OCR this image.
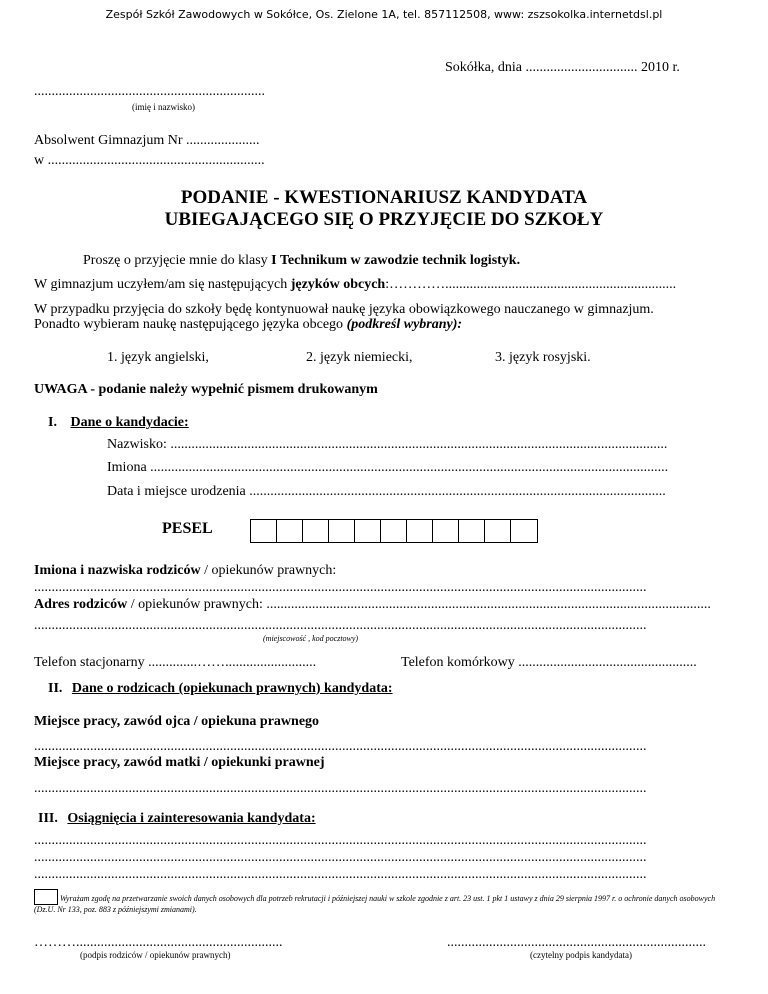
Zespół Szkół Zawodowych w Sokółce, Os. Zielone 1A, tel. 857112508, www: zszsokolka.internetdsl.pl
Sokółka, dnia ................................ 2010 r.
..................................................................
(imię i nazwisko)
Absolwent Gimnazjum Nr .....................
w ..............................................................
PODANIE - KWESTIONARIUSZ KANDYDATA
UBIEGAJĄCEGO SIĘ O PRZYJĘCIE DO SZKOŁY
Proszę o przyjęcie mnie do klasy I Technikum w zawodzie technik logistyk.
W gimnazjum uczyłem/am się następujących języków obcych:…………..................................................................
W przypadku przyjęcia do szkoły będę kontynuował naukę języka obowiązkowego nauczanego w gimnazjum.
Ponadto wybieram naukę następującego języka obcego (podkreśl wybrany):
1. język angielski,	2. język niemiecki,	3. język rosyjski.
UWAGA - podanie należy wypełnić pismem drukowanym
I. Dane o kandydacie:
Nazwisko: ..............................................................................................................................................
Imiona ....................................................................................................................................................
Data i miejsce urodzenia .......................................................................................................................
PESEL
Imiona i nazwiska rodziców / opiekunów prawnych:
...............................................................................................................................................................................
Adres rodziców / opiekunów prawnych: ...............................................................................................................................
...............................................................................................................................................................................
(miejscowość , kod pocztowy)
Telefon stacjonarny ..............……..........................	Telefon komórkowy ...................................................
II. Dane o rodzicach (opiekunach prawnych) kandydata:
Miejsce pracy, zawód ojca / opiekuna prawnego
...............................................................................................................................................................................
Miejsce pracy, zawód matki / opiekunki prawnej
...............................................................................................................................................................................
III. Osiągnięcia i zainteresowania kandydata:
...............................................................................................................................................................................
...............................................................................................................................................................................
...............................................................................................................................................................................
Wyrażam zgodę na przetwarzanie swoich danych osobowych dla potrzeb rekrutacji i późniejszej nauki w szkole zgodnie z art. 23 ust. 1 pkt 1 ustawy z dnia 29 sierpnia 1997 r. o ochronie danych osobowych (Dz.U. Nr 133, poz. 883 z późniejszymi zmianami).
………...........................................................
(podpis rodziców / opiekunów prawnych)
..........................................................................
(czytelny podpis kandydata)
